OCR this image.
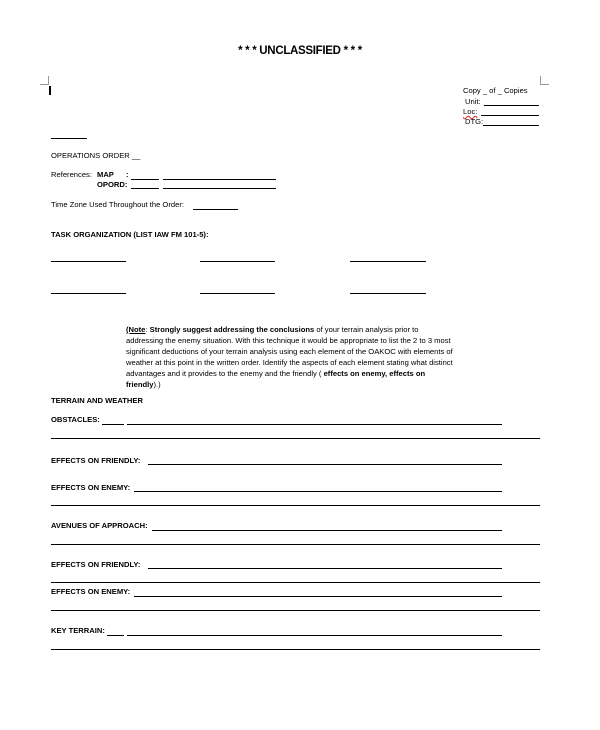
* * * UNCLASSIFIED * * *
Copy _ of _ Copies
Unit:
Loc:
DTG:
OPERATIONS ORDER __
References: MAP :
OPORD:
Time Zone Used Throughout the Order:
TASK ORGANIZATION (LIST IAW FM 101-5):
(Note: Strongly suggest addressing the conclusions of your terrain analysis prior to addressing the enemy situation. With this technique it would be appropriate to list the 2 to 3 most significant deductions of your terrain analysis using each element of the OAKOC with elements of weather at this point in the written order. Identify the aspects of each element stating what distinct advantages and it provides to the enemy and the friendly ( effects on enemy, effects on friendly).)
TERRAIN AND WEATHER
OBSTACLES:
EFFECTS ON FRIENDLY:
EFFECTS ON ENEMY:
AVENUES OF APPROACH:
EFFECTS ON FRIENDLY:
EFFECTS ON ENEMY:
KEY TERRAIN:
